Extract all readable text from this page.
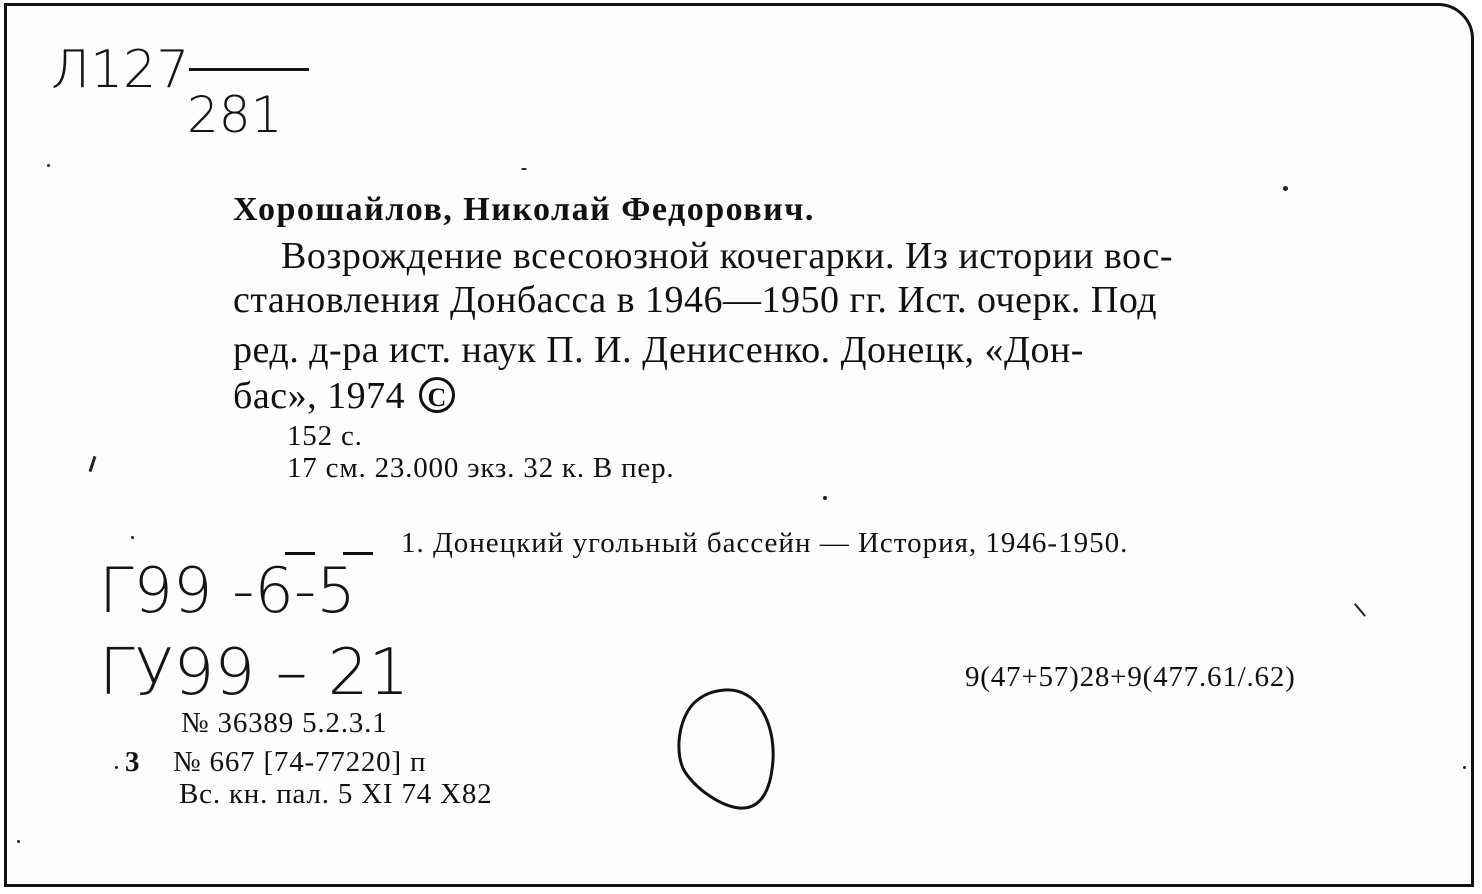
Л127
281
Хорошайлов, Николай Федорович.
Возрождение всесоюзной кочегарки. Из истории вос-
становления Донбасса в 1946—1950 гг. Ист. очерк. Под
ред. д-ра ист. наук П. И. Денисенко. Донецк, «Дон-
бас», 1974 C
152 с.
17 см. 23.000 экз. 32 к. В пер.
1. Донецкий угольный бассейн — История, 1946-1950.
Г99 -6-5
ГУ99 – 21	9(47+57)28+9(477.61/.62)
№ 36389 5.2.3.1
3 № 667 [74-77220] п
Вс. кн. пал. 5 XI 74 Х82
